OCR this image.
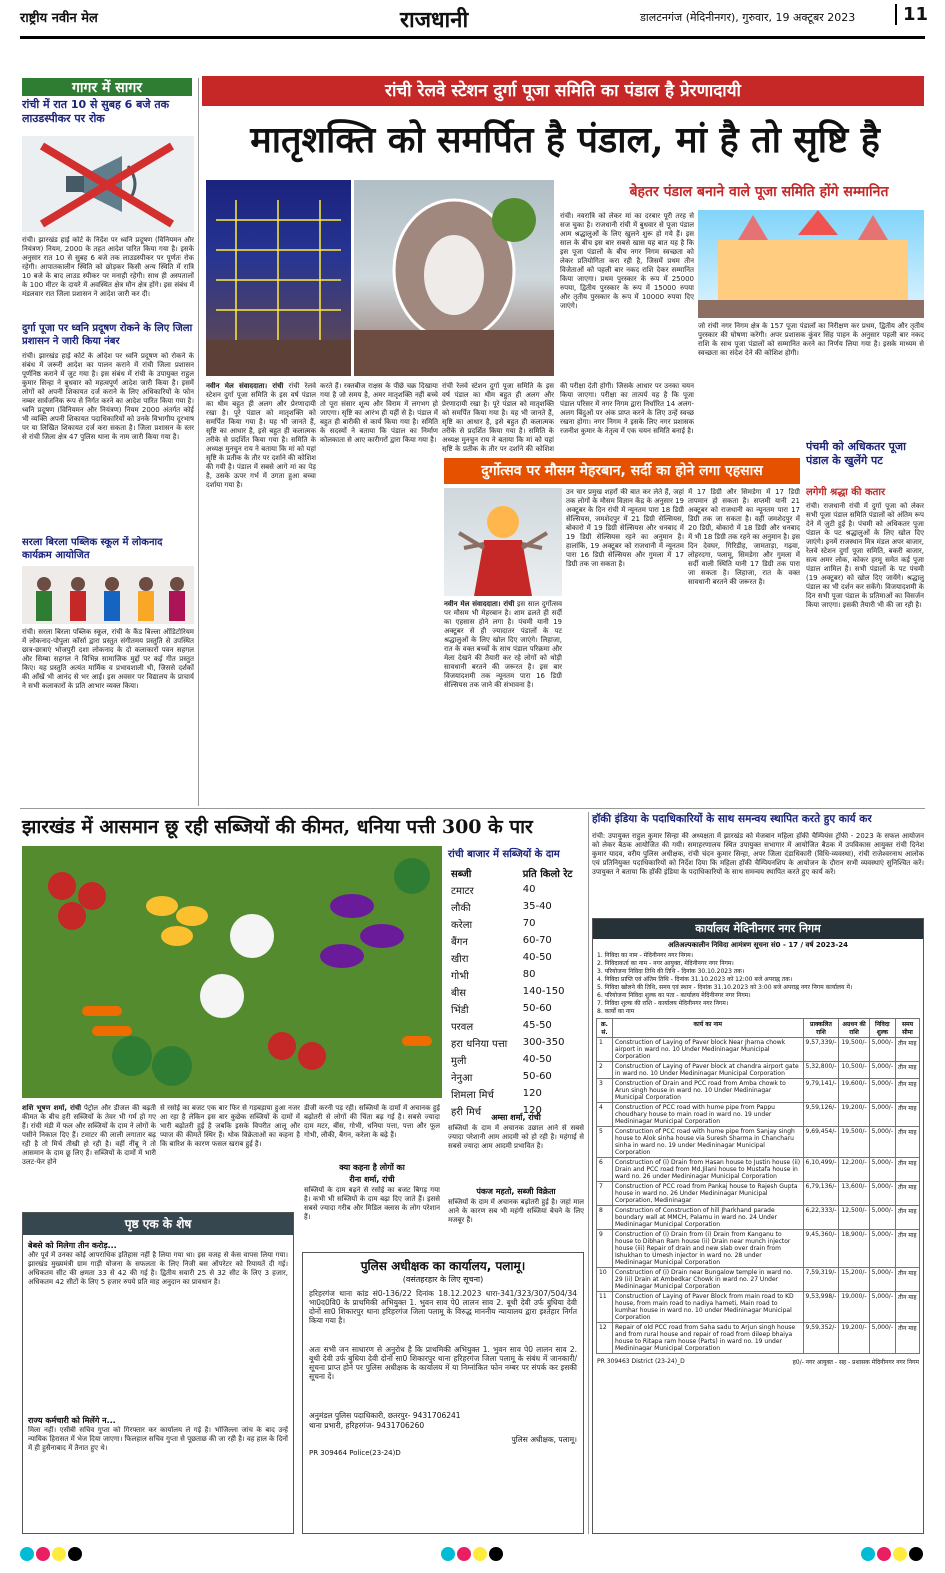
राष्ट्रीय नवीन मेल	राजधानी	डालटनगंज (मेदिनीनगर), गुरुवार, 19 अक्टूबर 2023	11
गागर में सागर
रांची में रात 10 से सुबह 6 बजे तक लाउडस्पीकर पर रोक
रांची। झारखंड हाई कोर्ट के निर्देश पर ध्वनि प्रदूषण (विनियमन और नियंत्रण) नियम, 2000 के तहत आदेश पारित किया गया है। इसके अनुसार रात 10 से सुबह 6 बजे तक लाउडस्पीकर पर पूर्णतः रोक रहेगी। आपातकालीन स्थिति को छोड़कर किसी अन्य स्थिति में रात्रि 10 बजे के बाद लाउड स्पीकर पर मनाही रहेगी। साथ ही अस्पतालों के 100 मीटर के दायरे में अवस्थित क्षेत्र मौन क्षेत्र होंगे। इस संबंध में मंडलवार रात जिला प्रशासन ने आदेश जारी कर दी।
दुर्गा पूजा पर ध्वनि प्रदूषण रोकने के लिए जिला प्रशासन ने जारी किया नंबर
रांची। झारखंड हाई कोर्ट के ओदेश पर ध्वनि प्रदूषण को रोकने के संबंध में जरूरी आदेश का पालन कराने में रांची जिला प्रशासन पूर्णनिष्ठ कराने में जुट गया है। इस संबंध में रांची के उपायुक्त राहुल कुमार सिन्हा ने बुधवार को महत्वपूर्ण आदेश जारी किया है। इसमें लोगों को अपनी शिकायत दर्ज कराने के लिए अधिकारियों के फोन नम्बर सार्वजनिक रूप से निर्गत करने का आदेश पारित किया गया है। ध्वनि प्रदूषण (विनियमन और नियंत्रण) नियम 2000 अंतर्गत कोई भी व्यक्ति अपनी शिकायत पदाधिकारियों को उनके विभागीय दूरभाष पर या लिखित शिकायत दर्ज करा सकता है। जिला प्रशासन के स्तर से रांची जिला क्षेत्र 47 पुलिस थाना के नाम जारी किया गया है।
सरला बिरला पब्लिक स्कूल में लोकनाद कार्यक्रम आयोजित
रांची। सरला बिरला पब्लिक स्कूल, रांची के कैंड बिल्ला ऑडिटोरियम में लोकनाद-पोपुला कॉर्सा द्वारा प्रस्तुत संगीतमय प्रस्तुति से उपस्थित छात्र-छात्राएं भोजपुरी दशा लोकनाद के दो कलाकारों पवन सहगल और सिम्बा सहगल ने विभिन्न सामाजिक मुद्दों पर कई गीत प्रस्तुत किए। यह प्रस्तुति अत्यंत मार्मिक व प्रभावशाली थी, जिससे दर्शकों की आँखें भी आनंद से भर आईं। इस अवसर पर विद्यालय के प्राचार्य ने सभी कलाकारों के प्रति आभार व्यक्त किया।
रांची रेलवे स्टेशन दुर्गा पूजा समिति का पंडाल है प्रेरणादायी
मातृशक्ति को समर्पित है पंडाल, मां है तो सृष्टि है
बेहतर पंडाल बनाने वाले पूजा समिति होंगे सम्मानित
रांची। नवरात्रि को लेकर मां का दरबार पूरी तरह से सज चुका है। राजधानी रांची में बुधवार से पूजा पंडाल आम श्रद्धालुओं के लिए खुलने शुरू हो गये हैं। इस साल के बीच इस बार सबसे खास यह बात यह है कि इस पूजा पंडालों के बीच नगर निगम स्वच्छता को लेकर प्रतियोगिता करा रही है, जिसमें प्रथम तीन विजेताओं को पहली बार नकद राशि देकर सम्मानित किया जाएगा। प्रथम पुरस्कार के रूप में 25000 रुपया, द्वितीय पुरस्कार के रूप में 15000 रुपया और तृतीय पुरस्कार के रूप में 10000 रुपया दिए जाएंगे।
नवीन मेल संवाददाता। रांची रांची रेलवे स्टेशन दुर्गा पूजा समिति के इस वर्ष पंडाल का थीम बहुत ही अलग और प्रेरणादायी रखा है। पूरे पंडाल को मातृशक्ति को समर्पित किया गया है। यह भी जानते हैं, सृष्टि का आधार है, इसे बहुत ही कलात्मक तरीके से प्रदर्शित किया गया है। समिति के अध्यक्ष मुनचुन राय ने बताया कि मां को यहां सृष्टि के प्रतीक के तौर पर दर्शाने की कोशिश की गयी है। पंडाल में सबसे आगे मां का पेड़ है, उसके ऊपर गर्भ में उगता हुआ बच्चा दर्शाया गया है।
करते हैं। रक्तबीज राक्षस के पीछे चक्र दिखाया गया है जो समय है, अमर मातृशक्ति नहीं बच्चे तो पूरा संसार शून्य और विराम में लगभग हो जाएगा। सृष्टि का आरंभ ही यहीं से है। पंडाल में बहुत ही बारीकी से कार्य किया गया है। समिति के सदस्यों ने बताया कि पंडाल का निर्माण कोलकाता से आए कारीगरों द्वारा किया गया है।
रांची रेलवे स्टेशन दुर्गा पूजा समिति के इस वर्ष पंडाल का थीम बहुत ही अलग और प्रेरणादायी रखा है। पूरे पंडाल को मातृशक्ति को समर्पित किया गया है। यह भी जानते हैं, सृष्टि का आधार है, इसे बहुत ही कलात्मक तरीके से प्रदर्शित किया गया है। समिति के अध्यक्ष मुनचुन राय ने बताया कि मां को यहां सृष्टि के प्रतीक के तौर पर दर्शाने की कोशिश
की परीक्षा देती होगी। जिसके आधार पर उनका चयन किया जाएगा। परीक्षा का तात्पर्य यह है कि पूजा पंडाल परिसर में नगर निगम द्वारा निर्धारित 14 अलग-अलग बिंदुओं पर अंक प्राप्त करने के लिए उन्हें स्वच्छ रखना होगा। नगर निगम ने इसके लिए नगर प्रशासक रजनीश कुमार के नेतृत्व में एक चयन समिति बनाई है।
जो रांची नगर निगम क्षेत्र के 157 पूजा पंडालों का निरीक्षण कर प्रथम, द्वितीय और तृतीय पुरस्कार की घोषणा करेगी। अपर प्रशासक कुंवर सिंह पाहन के अनुसार पहली बार नकद राशि के साथ पूजा पंडालों को सम्मानित करने का निर्णय लिया गया है। इसके माध्यम से स्वच्छता का संदेश देने की कोशिश होगी।
दुर्गोत्सव पर मौसम मेहरबान, सर्दी का होने लगा एहसास
नवीन मेल संवाददाता। रांची इस साल दुर्गोत्सव पर मौसम भी मेहरबान है। शाम ढलते ही सर्दी का एहसास होने लगा है। पंचमी यानी 19 अक्टूबर से ही ज्यादातर पंडालों के पट श्रद्धालुओं के लिए खोल दिए जाएंगे। लिहाजा, रात के वक्त बच्चों के साथ पंडाल परिक्रमा और मेला देखने की तैयारी कर रहे लोगों को थोड़ी सावधानी बरतने की जरूरत है। इस बार विजयादशमी तक न्यूनतम पारा 16 डिग्री सेल्सियस तक जाने की संभावना है।
उन चार प्रमुख शहरों की बात कर लेते हैं, जहां तक लोगों के मौसम विज्ञान केंद्र के अनुसार 19 अक्टूबर के दिन रांची में न्यूनतम पारा 18 डिग्री सेल्सियस, जमशेदपुर में 21 डिग्री सेल्सियस, बोकारो में 19 डिग्री सेल्सियस और धनबाद में 19 डिग्री सेल्सियस रहने का अनुमान है। हालांकि, 19 अक्टूबर को राजधानी में न्यूनतम पारा 16 डिग्री सेल्सियस और गुमला में 17 डिग्री तक जा सकता है।
में 17 डिग्री और सिमडेगा में 17 डिग्री तापमान हो सकता है। सप्तमी यानी 21 अक्टूबर को राजधानी का न्यूनतम पारा 17 डिग्री तक जा सकता है। वहीं जमशेदपुर में 20 डिग्री, बोकारो में 18 डिग्री और धनबाद में भी 18 डिग्री तक रहने का अनुमान है। इस दिन देवघर, गिरिडीह, जामताड़ा, गढ़वा, लोहरदगा, पलामू, सिमडेगा और गुमला में सर्दी वाली स्थिति यानी 17 डिग्री तक पारा जा सकता है। लिहाजा, रात के वक्त सावधानी बरतने की जरूरत है।
पंचमी को अधिकतर पूजा पंडाल के खुलेंगे पट
लगेगी श्रद्धा की कतार
रांची। राजधानी रांची में दुर्गा पूजा को लेकर सभी पूजा पंडाल समिति पंडालों को अंतिम रूप देने में जुटी हुई है। पंचमी को अधिकतर पूजा पंडाल के पट श्रद्धालुओं के लिए खोल दिए जाएंगे। इनमें राजस्थान मित्र मंडल अपर बाजार, रेलवे स्टेशन दुर्गा पूजा समिति, बकरी बाजार, सत्य अमर लोक, कोकर हरमू समेत कई पूजा पंडाल शामिल है। सभी पंडालों के पट पंचमी (19 अक्टूबर) को खोल दिए जायेंगे। श्रद्धालु पंडाल का भी दर्शन कर सकेंगे। विजयादशमी के दिन सभी पूजा पंडाल के प्रतिमाओं का विसर्जन किया जाएगा। इसकी तैयारी भी की जा रही है।
झारखंड में आसमान छू रही सब्जियों की कीमत, धनिया पत्ती 300 के पार
रांची बाजार में सब्जियों के दाम
सब्जी	प्रति किलो रेट
टमाटर	40
लौकी	35-40
करेला	70
बैंगन	60-70
खीरा	40-50
गोभी	80
बीस	140-150
भिंडी	50-60
परवल	45-50
हरा धनिया पत्ता	300-350
मुली	40-50
नेनुआ	50-60
शिमला मिर्च	120
हरी मिर्च	120
शशि भूषण शर्मा, रांची पेट्रोल और डीजल की बढ़ती कीमत के बीच हरी सब्जियों के तेवर भी गर्म हो गए हैं। रांची मंडी में फल और सब्जियों के दाम ने लोगों के पसीने निकाल दिए हैं। टमाटर की लाली लगातार बढ़ रही है तो मिर्च तीखी हो रही है। वहीं नींबू ने तो आसमान के दाम छू लिए हैं। सब्जियों के दामों में भारी उलट-फेर होने
से रसोई का बजट एक बार फिर से गड़बड़ाया हुआ नजर आ रहा है लेकिन इस बार कुछेक सब्जियों के दामों में भारी बढ़ोतरी हुई है जबकि इसके विपरीत आलू और प्याज की कीमतें स्थिर हैं। थोक विक्रेताओं का कहना है कि बारिश के कारण फसल खराब हुई है।
डीजी करनी पड़ रही। सब्जियों के दामों में अचानक हुई बढ़ोतरी से लोगों की चिंता बढ़ गई है। सबसे ज्यादा दाम मटर, बींस, गोभी, धनिया पत्ता, पत्ता और फूल गोभी, लौकी, बैंगन, करेला के बढ़े हैं।
क्या कहना है लोगों का
रीना शर्मा, रांची
सब्जियों के दाम बढ़ने से रसोई का बजट बिगड़ गया है। कभी भी सब्जियों के दाम बढ़ा दिए जाते हैं। इससे सबसे ज्यादा गरीब और मिडिल क्लास के लोग परेशान हैं।
अम्सा शर्मा, रांची
सब्जियों के दाम में अचानक उछाल आने से सबसे ज्यादा परेशानी आम आदमी को हो रही है। महंगाई से सबसे ज्यादा आम आदमी प्रभावित है।
पंकज महतो, सब्जी विक्रेता
सब्जियों के दाम में अचानक बढ़ोतरी हुई है। जहां माल आने के कारण सब भी महंगी सब्जियां बेचने के लिए मजबूर हैं।
पृष्ठ एक के शेष
बेबसे को मिलेगा तीन करोड़...
और पूर्व में उनका कोई आपराधिक इतिहास नहीं है लिया गया था। इस वजह से केस वापस लिया गया। झारखंड मुख्यमंत्री ग्राम गाड़ी योजना के सफलता के लिए निजी बस ऑपरेटर को रियायतें दी गई। अधिकतम सीट की क्षमता 33 से 42 की गई है। द्वितीय सवारी 25 से 32 सीट के लिए 3 हजार, अधिकतम 42 सीटों के लिए 5 हजार रुपये प्रति माह अनुदान का प्रावधान है।
राज्य कर्मचारी को मिलेंगे न...
मिला नहीं। एसीबी सचिव गुप्ता को गिरफ्तार कर कार्यालय ले गई है। भोजिल्ला जांच के बाद उन्हें न्यायिक हिरासत में भेज दिया जाएगा। फिलहाल सचिव गुप्ता से पूछताछ की जा रही है। वह हाल के दिनों में ही हुसैनाबाद में तैनात हुए थे।
पुलिस अधीक्षक का कार्यालय, पलामू।
(वसंतहरहार के लिए सूचना)
हरिहरगंज थाना कांड सं0-136/22 दिनांक 18.12.2023 धारा-341/323/307/504/34 भा0द0वि0 के प्राथमिकी अभियुक्त 1. भुवन साव पे0 लालन साव 2. बूथी देवी उर्फ बुधिया देवी दोनों सा0 शिकारपुर थाना हरिहरगंज जिला पलामू के विरुद्ध माननीय न्यायालय द्वारा इश्तेहार निर्गत किया गया है।
अतः सभी जन साधारण से अनुरोध है कि प्राथमिकी अभियुक्त 1. भुवन साव पे0 लालन साव 2. बूथी देवी उर्फ बुधिया देवी दोनों सा0 शिकारपुर थाना हरिहरगंज जिला पलामू के संबंध में जानकारी/सूचना प्राप्त होने पर पुलिस अधीक्षक के कार्यालय में या निम्नांकित फोन नम्बर पर संपर्क कर इसकी सूचना दें।
अनुमंडल पुलिस पदाधिकारी, छतरपुर- 9431706241
थाना प्रभारी, हरिहरगंज- 9431706260
पुलिस अधीक्षक, पलामू।
PR 309464 Police(23-24)D
हॉकी इंडिया के पदाधिकारियों के साथ समन्वय स्थापित करते हुए कार्य कर
रांची: उपायुक्त राहुल कुमार सिन्हा की अध्यक्षता में झारखंड को मेजबान महिला हॉकी चैम्पियंस ट्रॉफी - 2023 के सफल आयोजन को लेकर बैठक आयोजित की गयी। समाहरणालय स्थित उपायुक्त सभागार में आयोजित बैठक में उपविकास आयुक्त रांची दिनेश कुमार यादव, वरीय पुलिस अधीक्षक, रांची चंदन कुमार सिन्हा, अपर जिला दंडाधिकारी (विधि-व्यवस्था), रांची राजेश्वरनाथ आलोक एवं प्रतिनियुक्त पदाधिकारियों को निर्देश दिया कि महिला हॉकी चैम्पियनशिप के आयोजन के दौरान सभी व्यवस्थाएं सुनिश्चित करें। उपायुक्त ने बताया कि हॉकी इंडिया के पदाधिकारियों के साथ समन्वय स्थापित करते हुए कार्य करें।
कार्यालय मेदिनीनगर नगर निगम
अतिअल्पकालीन निविदा आमंत्रण सूचना सं0 - 17 / वर्ष 2023-24
1. निविदा का नाम - मेदिनीनगर नगर निगम।
2. निविदाकर्ता का नाम - नगर आयुक्त, मेदिनीनगर नगर निगम।
3. परियोजना निविदा तिथि की तिथि - दिनांक 30.10.2023 तक।
4. निविदा प्राप्ति एवं अंतिम तिथि - दिनांक 31.10.2023 को 12:00 बजे अपराह्न तक।
5. निविदा खोलने की तिथि, समय एवं स्थान - दिनांक 31.10.2023 को 3:00 बजे अपराह्न नगर निगम कार्यालय में।
6. परियोजना निविदा शुल्क का पता - कार्यालय मेदिनीनगर नगर निगम।
7. निविदा शुल्क की राशि - कार्यालय मेदिनीनगर नगर निगम।
8. कार्यों का नाम
क्र. सं.	कार्य का नाम	प्राक्कलित राशि	अग्रधन की राशि	निविदा शुल्क	समय सीमा
1	Construction of Laying of Paver block Near Jharna chowk airport in ward no. 10 Under Medininagar Municipal Corporation	9,57,339/-	19,500/-	5,000/-	तीन माह
2	Construction of Laying of Paver block at chandra airport gate in ward no. 10 Under Medininagar Municipal Corporation	5,32,800/-	10,500/-	5,000/-	तीन माह
3	Construction of Drain and PCC road from Amba chowk to Arun singh house in ward no. 10 Under Medininagar Municipal Corporation	9,79,141/-	19,600/-	5,000/-	तीन माह
4	Construction of PCC road with hume pipe from Pappu choudhary house to main road in ward no. 19 under Medininagar Municipal Corporation	9,59,126/-	19,200/-	5,000/-	तीन माह
5	Construction of PCC road with hume pipe from Sanjay singh house to Alok sinha house via Suresh Sharma in Chancharu sinha in ward no. 19 under Medininagar Municipal Corporation	9,69,454/-	19,500/-	5,000/-	तीन माह
6	Construction of (i) Drain from Hasan house to Justin house (ii) Drain and PCC road from Md.Jilani house to Mustafa house in ward no. 26 under Medininagar Municipal Corporation	6,10,499/-	12,200/-	5,000/-	तीन माह
7	Construction of PCC road from Pankaj house to Rajesh Gupta house in ward no. 26 Under Medininagar Municipal Corporation, Medininagar	6,79,136/-	13,600/-	5,000/-	तीन माह
8	Construction of Construction of hill Jharkhand parade boundary wall at MMCH, Palamu in ward no. 24 Under Medininagar Municipal Corporation	6,22,333/-	12,500/-	5,000/-	तीन माह
9	Construction of (i) Drain from (i) Drain from Kanganu to house to Dibhan Ram house (ii) Drain near munch injector house (iii) Repair of drain and new slab over drain from Ishukhan to Umesh injector in ward no. 28 under Medininagar Municipal Corporation	9,45,360/-	18,900/-	5,000/-	तीन माह
10	Construction of (i) Drain near Bungalow temple in ward no. 29 (ii) Drain at Ambedkar Chowk in ward no. 27 Under Medininagar Municipal Corporation	7,59,319/-	15,200/-	5,000/-	तीन माह
11	Construction of Laying of Paver Block from main road to KD house, from main road to nadiya hameti, Main road to kumhar house in ward no. 10 under Medininagar Municipal Corporation	9,53,998/-	19,000/-	5,000/-	तीन माह
12	Repair of old PCC road from Saha sadu to Arjun singh house and from rural house and repair of road from dileep bhaiya house to Ritapa ram house (Parts) in ward no. 19 under Medininagar Municipal Corporation	9,59,352/-	19,200/-	5,000/-	तीन माह
PR 309463 District (23-24)_D	ह0/- नगर आयुक्त - सह - प्रशासक मेदिनीनगर नगर निगम
